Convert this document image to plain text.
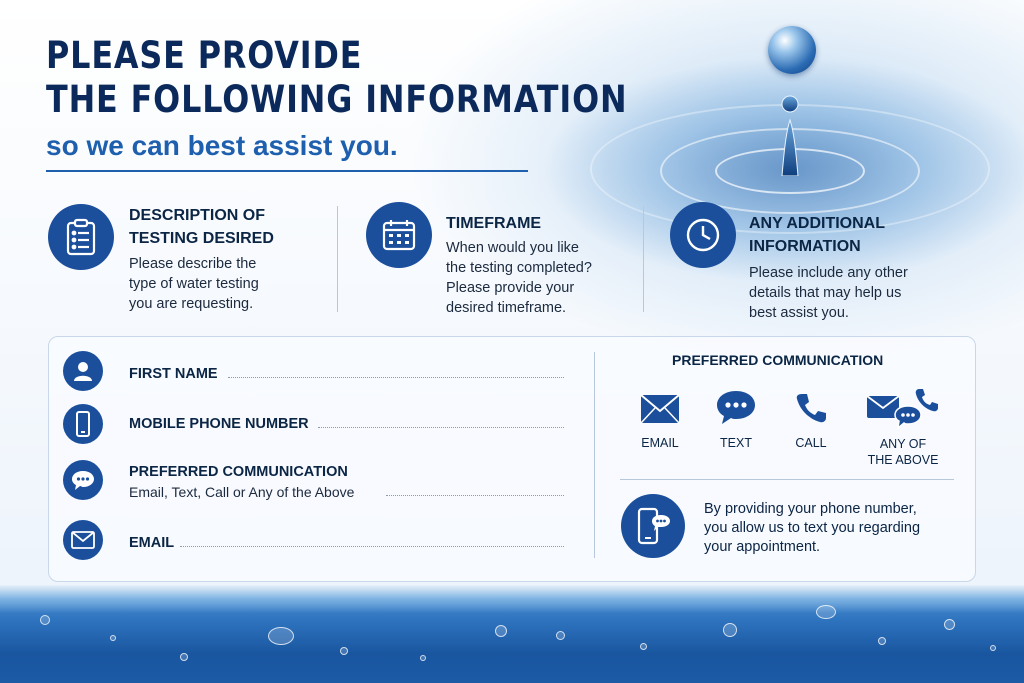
PLEASE PROVIDE
THE FOLLOWING INFORMATION
so we can best assist you.
DESCRIPTION OF
TESTING DESIRED
Please describe the
type of water testing
you are requesting.
TIMEFRAME
When would you like
the testing completed?
Please provide your
desired timeframe.
ANY ADDITIONAL
INFORMATION
Please include any other
details that may help us
best assist you.
FIRST NAME
MOBILE PHONE NUMBER
PREFERRED COMMUNICATION
Email, Text, Call or Any of the Above
EMAIL
PREFERRED COMMUNICATION
EMAIL	TEXT	CALL	ANY OF
THE ABOVE
By providing your phone number,
you allow us to text you regarding
your appointment.
